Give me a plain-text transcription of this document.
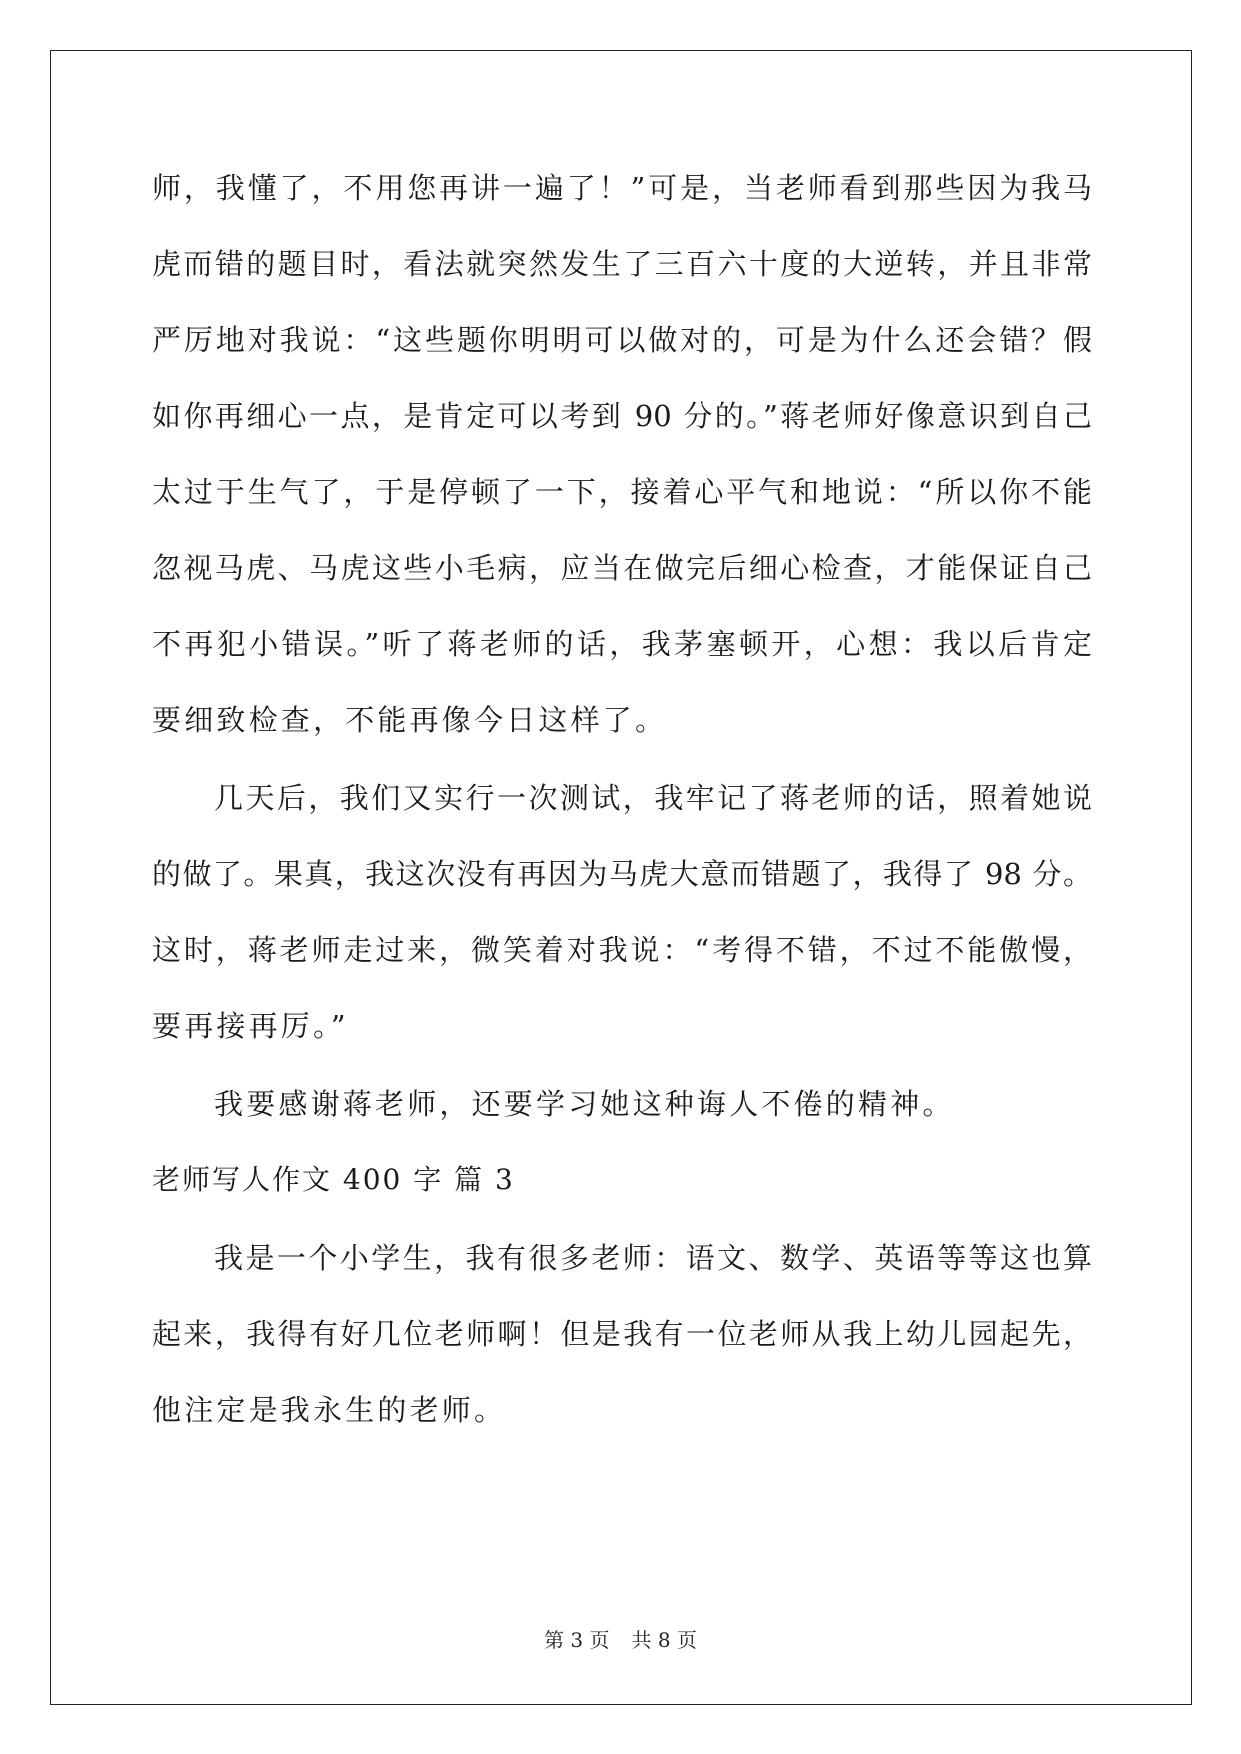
师，我懂了，不用您再讲一遍了！”可是，当老师看到那些因为我马
虎而错的题目时，看法就突然发生了三百六十度的大逆转，并且非常
严厉地对我说：“这些题你明明可以做对的，可是为什么还会错？假
如你再细心一点，是肯定可以考到 90 分的。”蒋老师好像意识到自己
太过于生气了，于是停顿了一下，接着心平气和地说：“所以你不能
忽视马虎、马虎这些小毛病，应当在做完后细心检查，才能保证自己
不再犯小错误。”听了蒋老师的话，我茅塞顿开，心想：我以后肯定
要细致检查，不能再像今日这样了。
几天后，我们又实行一次测试，我牢记了蒋老师的话，照着她说
的做了。果真，我这次没有再因为马虎大意而错题了，我得了 98 分。
这时，蒋老师走过来，微笑着对我说：“考得不错，不过不能傲慢，
要再接再厉。”
我要感谢蒋老师，还要学习她这种诲人不倦的精神。
老师写人作文 400 字 篇 3
我是一个小学生，我有很多老师：语文、数学、英语等等这也算
起来，我得有好几位老师啊！但是我有一位老师从我上幼儿园起先，
他注定是我永生的老师。
第 3 页 共 8 页
